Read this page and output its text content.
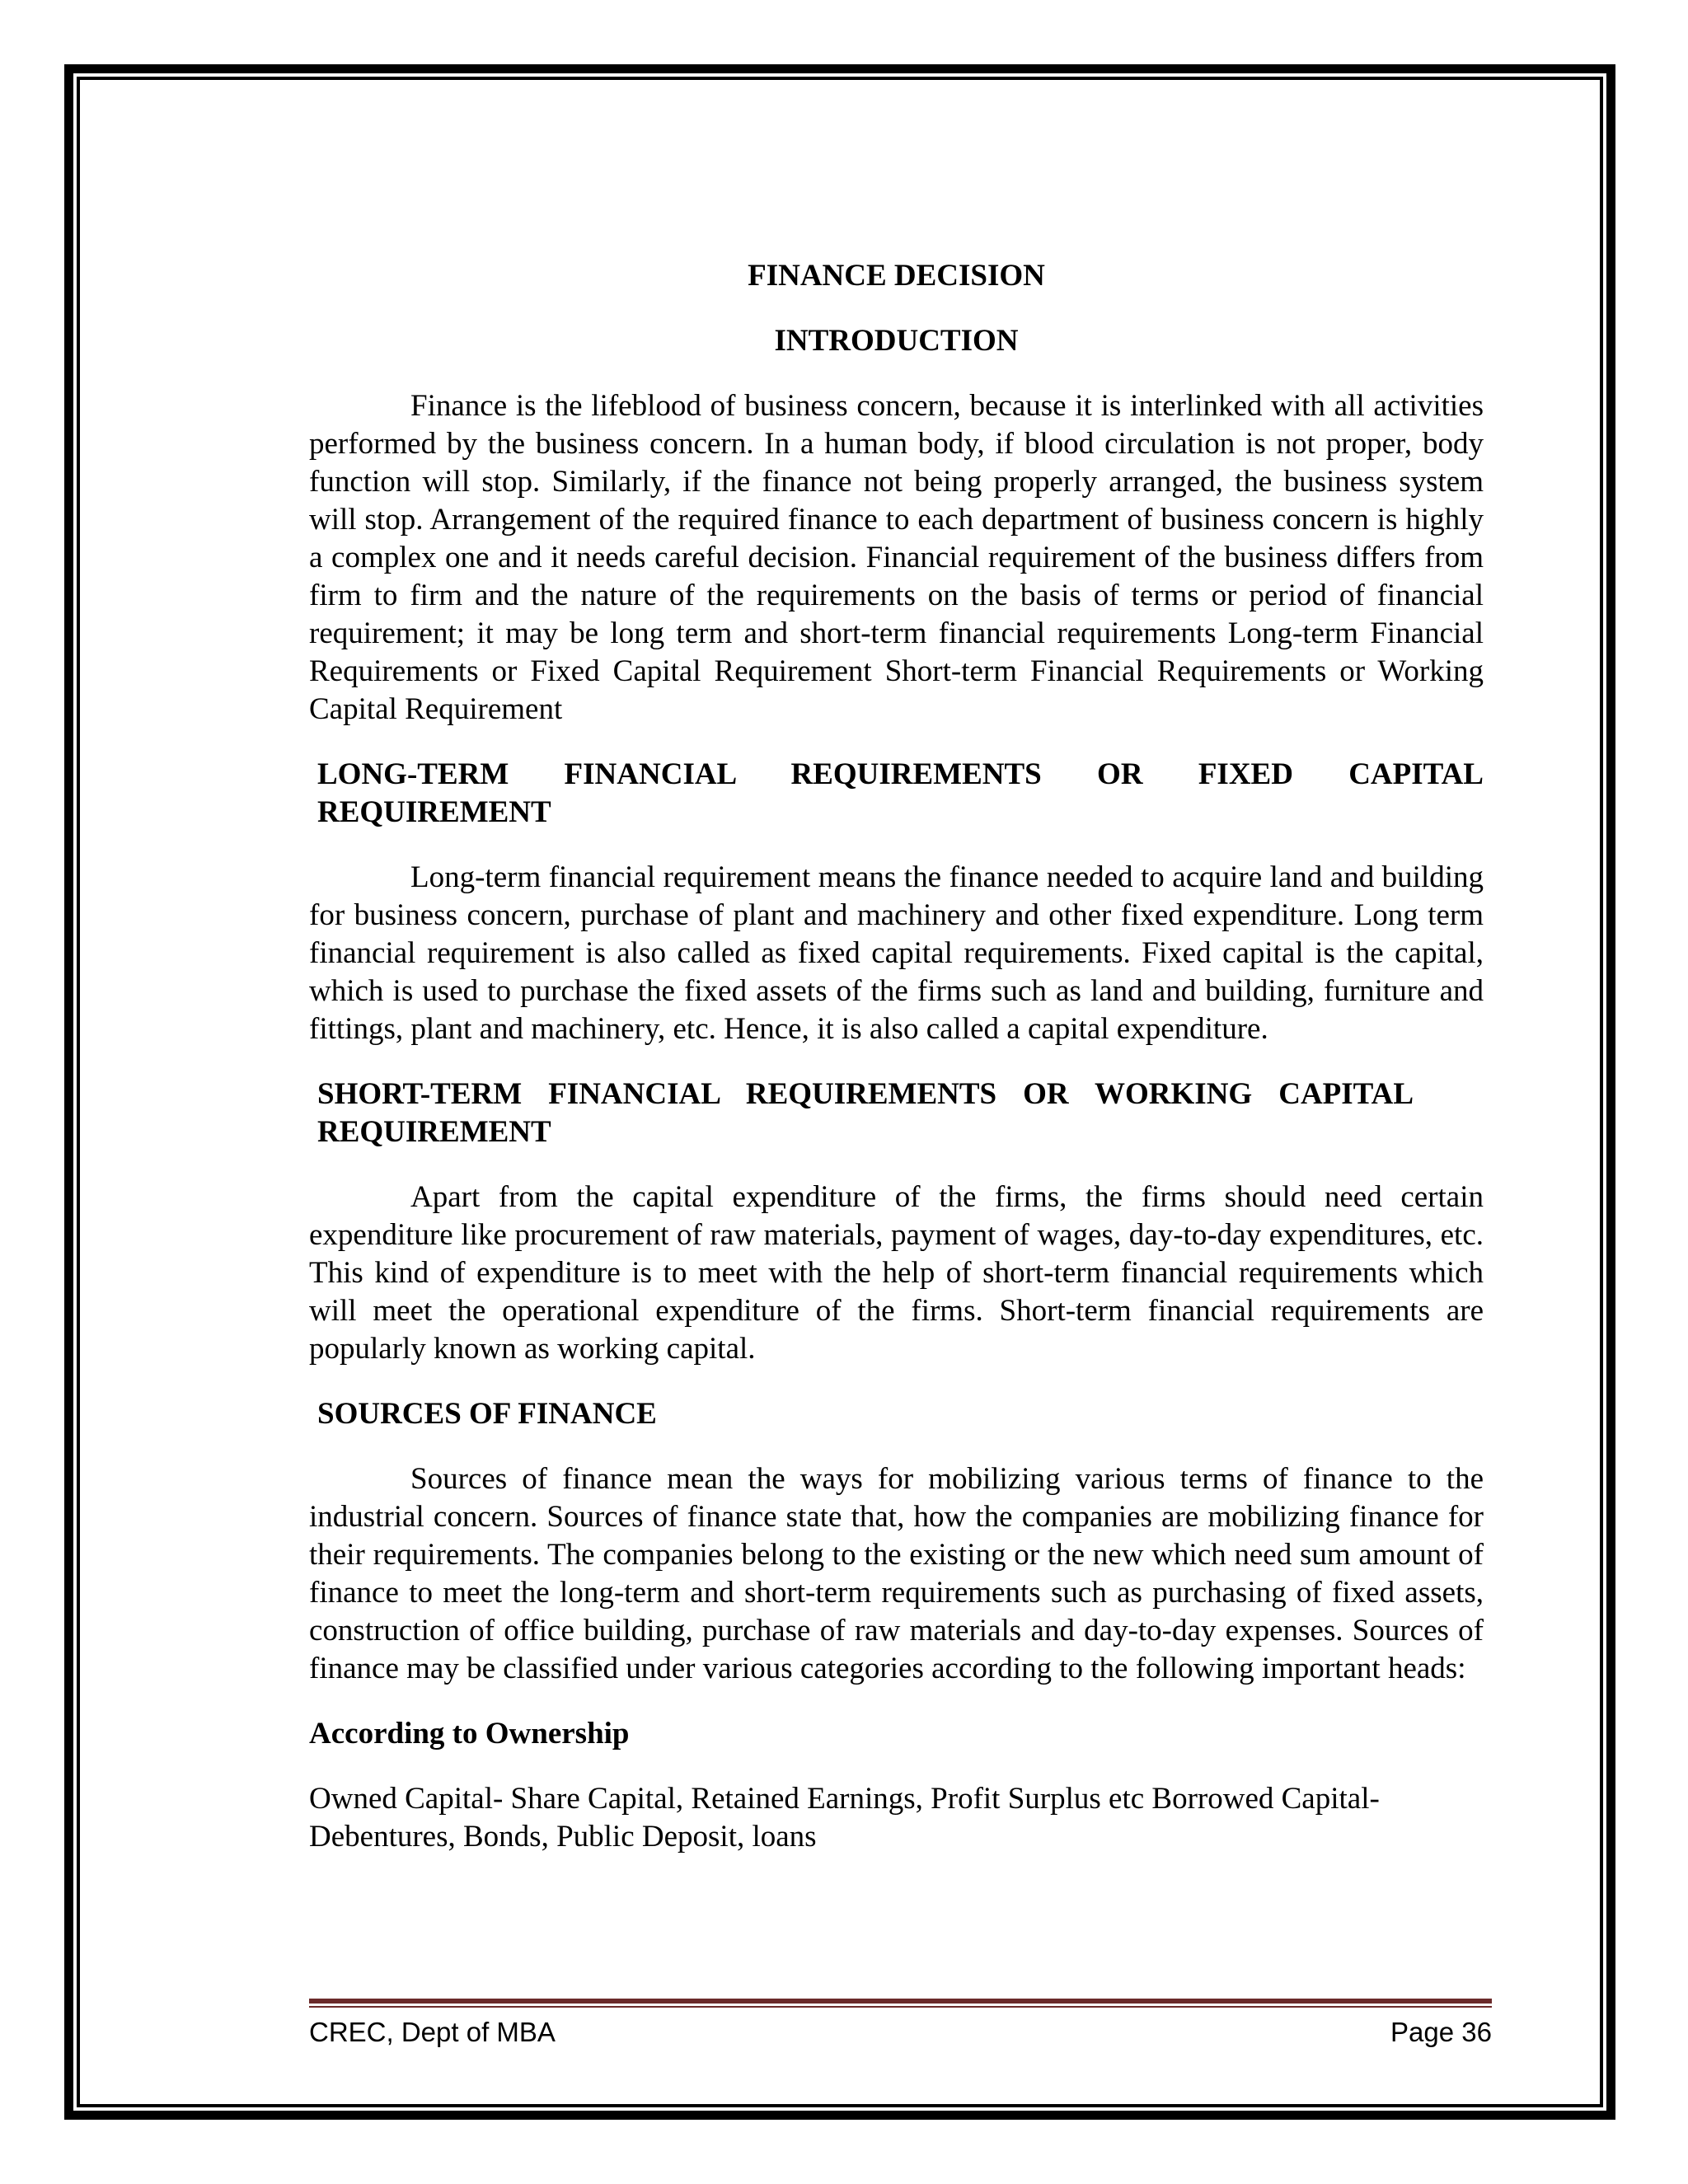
FINANCE DECISION
INTRODUCTION

Finance is the lifeblood of business concern, because it is interlinked with all activities performed by the business concern. In a human body, if blood circulation is not proper, body function will stop. Similarly, if the finance not being properly arranged, the business system will stop. Arrangement of the required finance to each department of business concern is highly a complex one and it needs careful decision. Financial requirement of the business differs from firm to firm and the nature of the requirements on the basis of terms or period of financial requirement; it may be long term and short-term financial requirements Long-term Financial Requirements or Fixed Capital Requirement Short-term Financial Requirements or Working Capital Requirement

LONG-TERM FINANCIAL REQUIREMENTS OR FIXED CAPITAL REQUIREMENT

Long-term financial requirement means the finance needed to acquire land and building for business concern, purchase of plant and machinery and other fixed expenditure. Long term financial requirement is also called as fixed capital requirements. Fixed capital is the capital, which is used to purchase the fixed assets of the firms such as land and building, furniture and fittings, plant and machinery, etc. Hence, it is also called a capital expenditure.

SHORT-TERM FINANCIAL REQUIREMENTS OR WORKING CAPITAL REQUIREMENT

Apart from the capital expenditure of the firms, the firms should need certain expenditure like procurement of raw materials, payment of wages, day-to-day expenditures, etc. This kind of expenditure is to meet with the help of short-term financial requirements which will meet the operational expenditure of the firms. Short-term financial requirements are popularly known as working capital.

SOURCES OF FINANCE

Sources of finance mean the ways for mobilizing various terms of finance to the industrial concern. Sources of finance state that, how the companies are mobilizing finance for their requirements. The companies belong to the existing or the new which need sum amount of finance to meet the long-term and short-term requirements such as purchasing of fixed assets, construction of office building, purchase of raw materials and day-to-day expenses. Sources of finance may be classified under various categories according to the following important heads:

According to Ownership

Owned Capital- Share Capital, Retained Earnings, Profit Surplus etc Borrowed Capital- Debentures, Bonds, Public Deposit, loans

CREC, Dept of MBA	Page 36
